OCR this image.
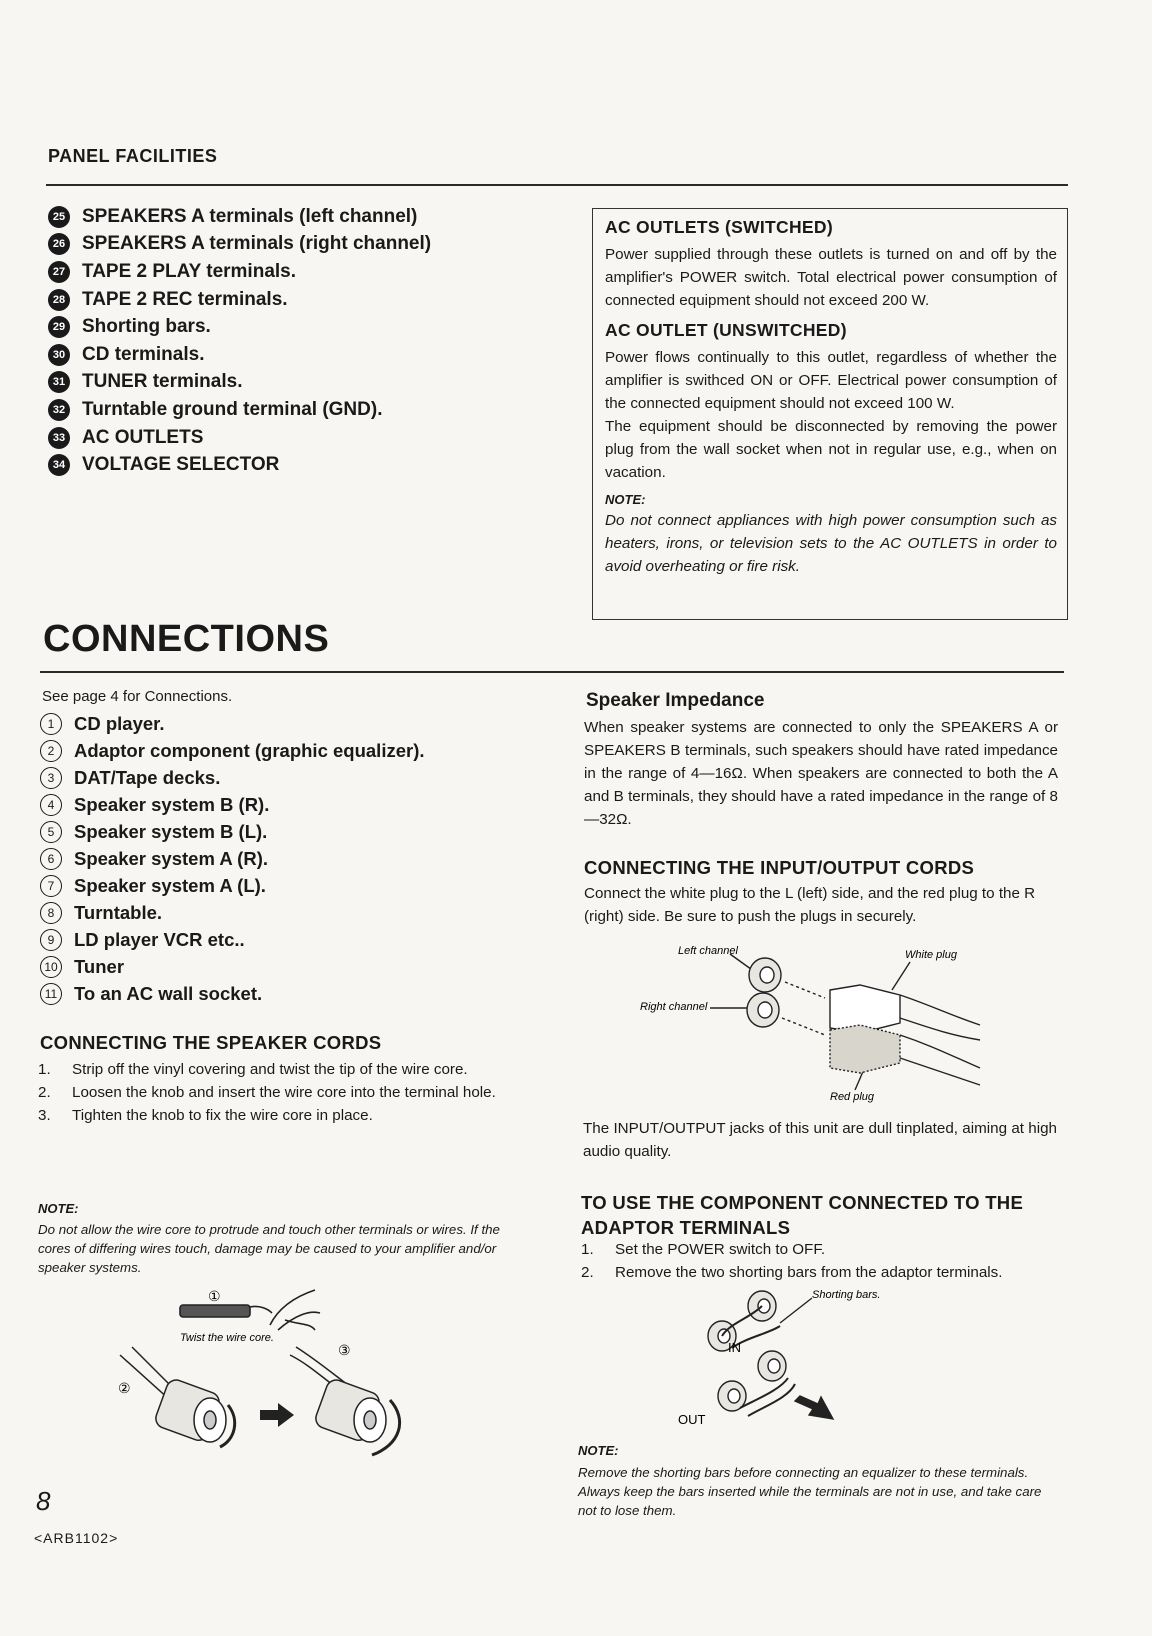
PANEL FACILITIES
25 SPEAKERS A terminals (left channel)
26 SPEAKERS A terminals (right channel)
27 TAPE 2 PLAY terminals.
28 TAPE 2 REC terminals.
29 Shorting bars.
30 CD terminals.
31 TUNER terminals.
32 Turntable ground terminal (GND).
33 AC OUTLETS
34 VOLTAGE SELECTOR
AC OUTLETS (SWITCHED)

Power supplied through these outlets is turned on and off by the amplifier's POWER switch. Total electrical power consumption of connected equipment should not exceed 200 W.

AC OUTLET (UNSWITCHED)

Power flows continually to this outlet, regardless of whether the amplifier is swithced ON or OFF. Electrical power consumption of the connected equipment should not exceed 100 W.

The equipment should be disconnected by removing the power plug from the wall socket when not in regular use, e.g., when on vacation.

NOTE:

Do not connect appliances with high power consumption such as heaters, irons, or television sets to the AC OUTLETS in order to avoid overheating or fire risk.

CONNECTIONS
See page 4 for Connections.
1	CD player.
2	Adaptor component (graphic equalizer).
3	DAT/Tape decks.
4	Speaker system B (R).
5	Speaker system B (L).
6	Speaker system A (R).
7	Speaker system A (L).
8	Turntable.
9	LD player VCR etc..
10 Tuner
11 To an AC wall socket.
CONNECTING THE SPEAKER CORDS
1.	Strip off the vinyl covering and twist the tip of the wire core.
2.	Loosen the knob and insert the wire core into the terminal hole.
3.	Tighten the knob to fix the wire core in place.
NOTE:
Do not allow the wire core to protrude and touch other terminals or wires. If the cores of differing wires touch, damage may be caused to your amplifier and/or speaker systems.
①
Twist the wire core.
②
③
Speaker Impedance

When speaker systems are connected to only the SPEAKERS A or SPEAKERS B terminals, such speakers should have rated impedance in the range of 4—16Ω. When speakers are connected to both the A and B terminals, they should have a rated impedance in the range of 8—32Ω.

CONNECTING THE INPUT/OUTPUT CORDS

Connect the white plug to the L (left) side, and the red plug to the R (right) side. Be sure to push the plugs in securely.

Left channel	White plug
Right channel
Red plug

The INPUT/OUTPUT jacks of this unit are dull tinplated, aiming at high audio quality.

TO USE THE COMPONENT CONNECTED TO THE ADAPTOR TERMINALS
1.	Set the POWER switch to OFF.
2.	Remove the two shorting bars from the adaptor terminals.
Shorting bars.
IN
OUT
NOTE:
Remove the shorting bars before connecting an equalizer to these terminals. Always keep the bars inserted while the terminals are not in use, and take care not to lose them.
8
<ARB1102>
